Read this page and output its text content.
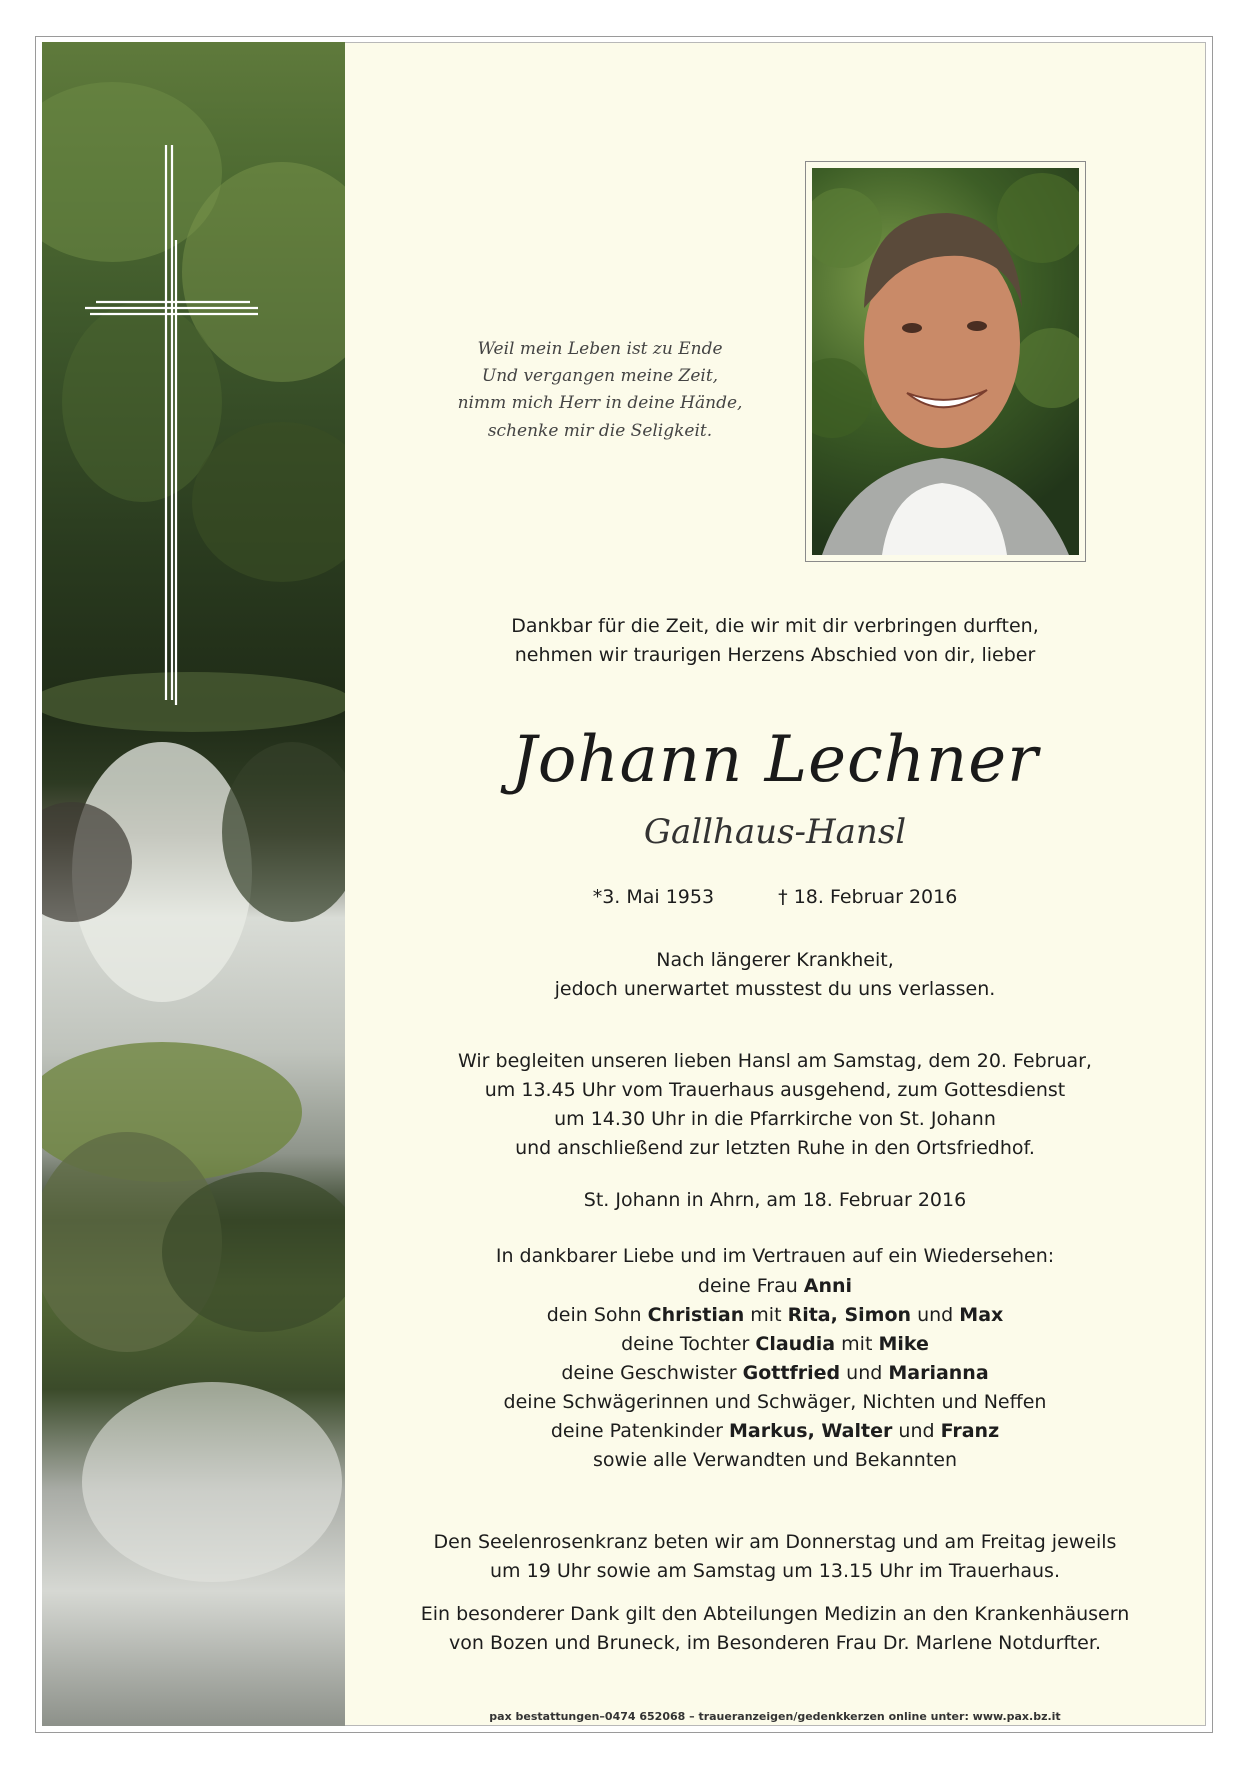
Weil mein Leben ist zu Ende
Und vergangen meine Zeit,
nimm mich Herr in deine Hände,
schenke mir die Seligkeit.
Dankbar für die Zeit, die wir mit dir verbringen durften,
nehmen wir traurigen Herzens Abschied von dir, lieber
Johann Lechner
Gallhaus-Hansl
*3. Mai 1953	† 18. Februar 2016
Nach längerer Krankheit,
jedoch unerwartet musstest du uns verlassen.
Wir begleiten unseren lieben Hansl am Samstag, dem 20. Februar,
um 13.45 Uhr vom Trauerhaus ausgehend, zum Gottesdienst
um 14.30 Uhr in die Pfarrkirche von St. Johann
und anschließend zur letzten Ruhe in den Ortsfriedhof.
St. Johann in Ahrn, am 18. Februar 2016
In dankbarer Liebe und im Vertrauen auf ein Wiedersehen:
deine Frau Anni
dein Sohn Christian mit Rita, Simon und Max
deine Tochter Claudia mit Mike
deine Geschwister Gottfried und Marianna
deine Schwägerinnen und Schwäger, Nichten und Neffen
deine Patenkinder Markus, Walter und Franz
sowie alle Verwandten und Bekannten
Den Seelenrosenkranz beten wir am Donnerstag und am Freitag jeweils
um 19 Uhr sowie am Samstag um 13.15 Uhr im Trauerhaus.
Ein besonderer Dank gilt den Abteilungen Medizin an den Krankenhäusern
von Bozen und Bruneck, im Besonderen Frau Dr. Marlene Notdurfter.
pax bestattungen–0474 652068 – traueranzeigen/gedenkkerzen online unter: www.pax.bz.it
